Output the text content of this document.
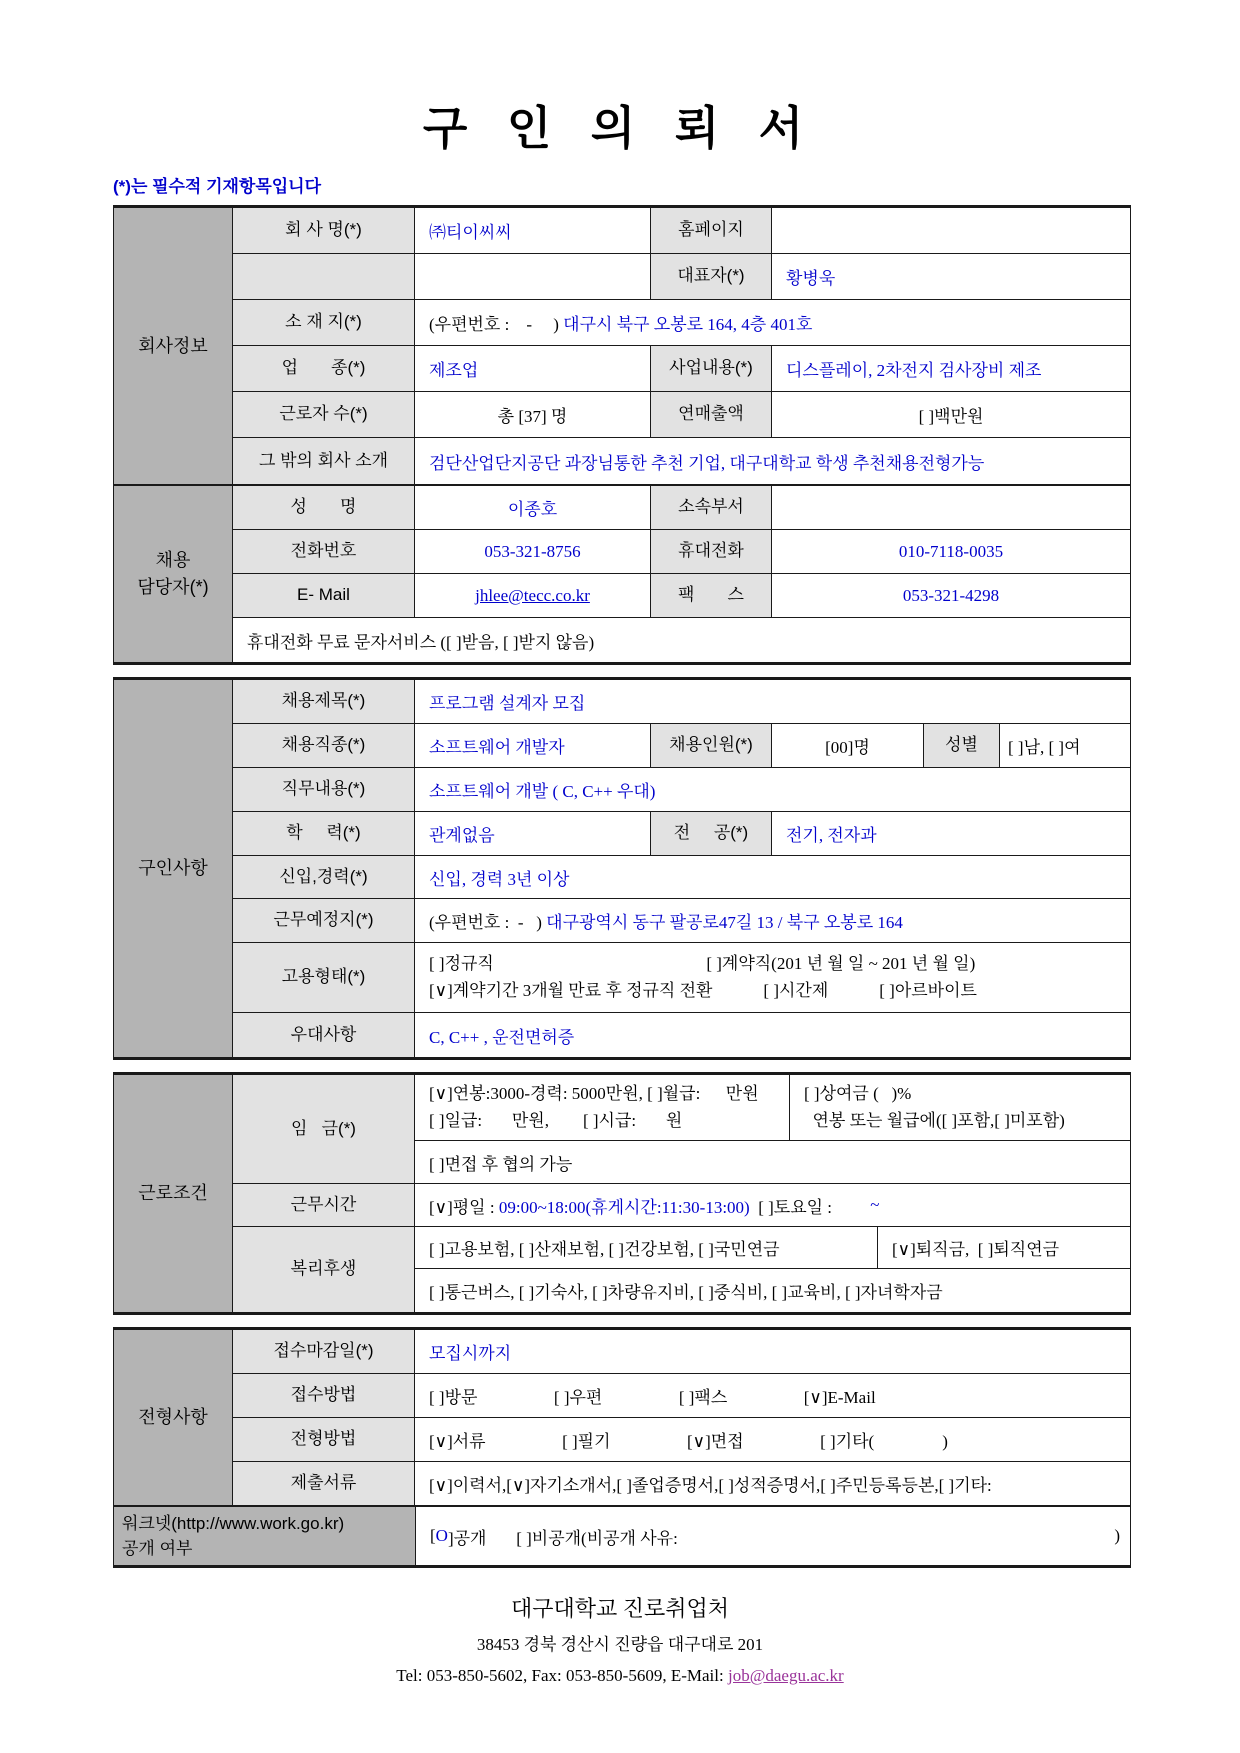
구 인 의 뢰 서
(*)는 필수적 기재항목입니다
회사정보
회 사 명(*)	㈜티이씨씨	홈페이지
대표자(*)	황병욱
소 재 지(*)	(우편번호 :    -     ) 대구시 북구 오봉로 164, 4층 401호
업       종(*)	제조업	사업내용(*)	디스플레이, 2차전지 검사장비 제조
근로자 수(*)	총 [37] 명	연매출액	[ ]백만원
그 밖의 회사 소개	검단산업단지공단 과장님통한 추천 기업, 대구대학교 학생 추천채용전형가능
채용
담당자(*)
성       명	이종호	소속부서
전화번호	053-321-8756	휴대전화	010-7118-0035
E- Mail	jhlee@tecc.co.kr	팩       스	053-321-4298
휴대전화 무료 문자서비스 ([ ]받음, [ ]받지 않음)
구인사항
채용제목(*)	프로그램 설계자 모집
채용직종(*)	소프트웨어 개발자	채용인원(*)	[00]명	성별	[ ]남, [ ]여
직무내용(*)	소프트웨어 개발 ( C, C++ 우대)
학     력(*)	관계없음	전     공(*)	전기, 전자과
신입,경력(*)	신입, 경력 3년 이상
근무예정지(*)	(우편번호 :  -   ) 대구광역시 동구 팔공로47길 13 / 북구 오봉로 164
고용형태(*)
[ ]정규직                                                  [ ]계약직(201 년 월 일 ~ 201 년 월 일)
[∨]계약기간 3개월 만료 후 정규직 전환            [ ]시간제            [ ]아르바이트
우대사항	C, C++ , 운전면허증
근로조건
임   금(*)
[∨]연봉:3000-경력: 5000만원, [ ]월급:      만원
[ ]일급:       만원,        [ ]시급:       원
[ ]상여금 (   )%
연봉 또는 월급에([ ]포함,[ ]미포함)
[ ]면접 후 협의 가능
근무시간	[∨]평일 : 09:00~18:00(휴게시간:11:30-13:00) [ ]토요일 : ~
복리후생
[ ]고용보험, [ ]산재보험, [ ]건강보험, [ ]국민연금	[∨]퇴직금,  [ ]퇴직연금
[ ]통근버스, [ ]기숙사, [ ]차량유지비, [ ]중식비, [ ]교육비, [ ]자녀학자금
전형사항
접수마감일(*)	모집시까지
접수방법	[ ]방문                  [ ]우편                  [ ]팩스                  [∨]E-Mail
전형방법	[∨]서류                  [ ]필기                  [∨]면접                  [ ]기타(                )
제출서류	[∨]이력서,[∨]자기소개서,[ ]졸업증명서,[ ]성적증명서,[ ]주민등록등본,[ ]기타:
워크넷(http://www.work.go.kr)
공개 여부
[ O ]공개       [ ]비공개(비공개 사유:	)
대구대학교 진로취업처
38453 경북 경산시 진량읍 대구대로 201
Tel: 053-850-5602, Fax: 053-850-5609, E-Mail: job@daegu.ac.kr
